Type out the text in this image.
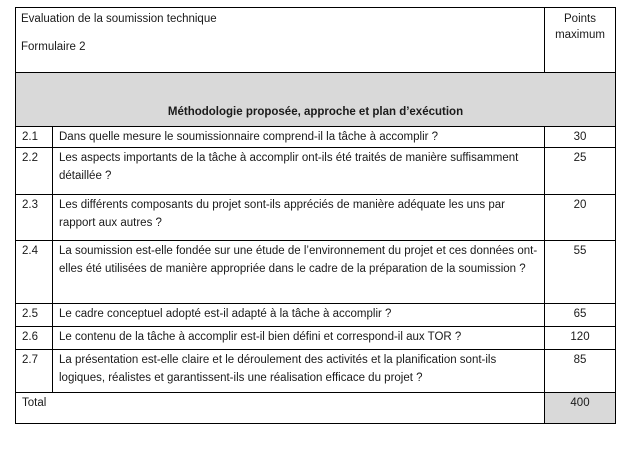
Evaluation de la soumission technique
Formulaire 2		Points maximum
Méthodologie proposée, approche et plan d’exécution		
2.1	Dans quelle mesure le soumissionnaire comprend-il la tâche à accomplir ?	30
2.2	Les aspects importants de la tâche à accomplir ont-ils été traités de manière suffisamment détaillée ?	25
2.3	Les différents composants du projet sont-ils appréciés de manière adéquate les uns par rapport aux autres ?	20
2.4	La soumission est-elle fondée sur une étude de l’environnement du projet et ces données ont-elles été utilisées de manière appropriée dans le cadre de la préparation de la soumission ?	55
2.5	Le cadre conceptuel adopté est-il adapté à la tâche à accomplir ?	65
2.6	Le contenu de la tâche à accomplir est-il bien défini et correspond-il aux TOR ?	120
2.7	La présentation est-elle claire et le déroulement des activités et la planification sont-ils logiques, réalistes et garantissent-ils une réalisation efficace du projet ?	85
Total		400
